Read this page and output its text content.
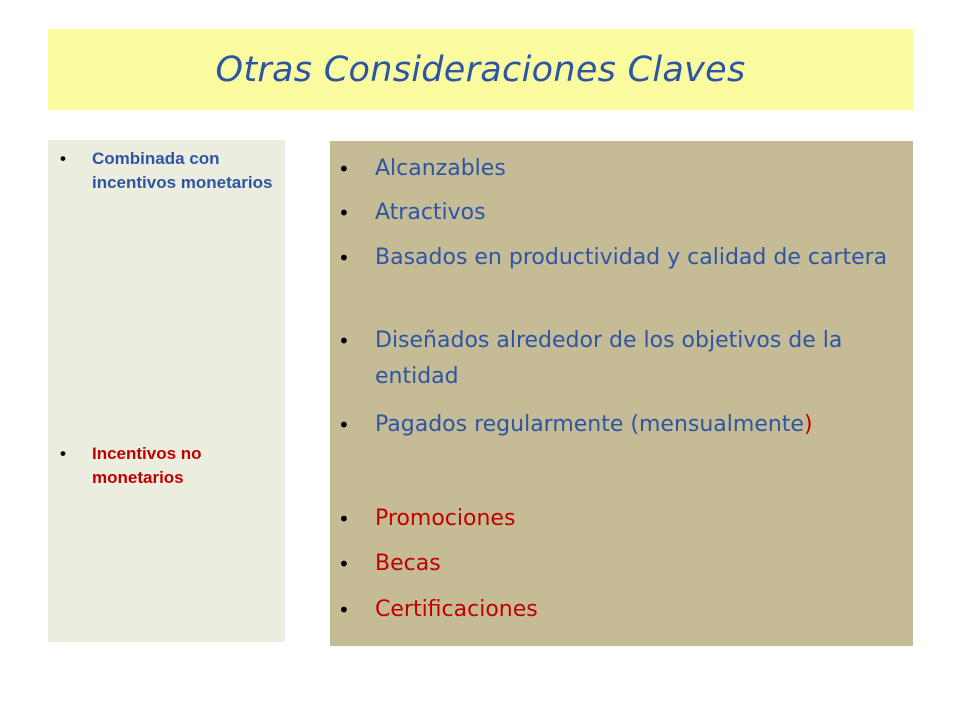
Otras Consideraciones Claves
•	Combinada con incentivos monetarios
•	Incentivos no monetarios
•	Alcanzables
•	Atractivos
•	Basados en productividad y calidad de cartera
•	Diseñados alrededor de los objetivos de la entidad
•	Pagados regularmente (mensualmente)
•	Promociones
•	Becas
•	Certificaciones
